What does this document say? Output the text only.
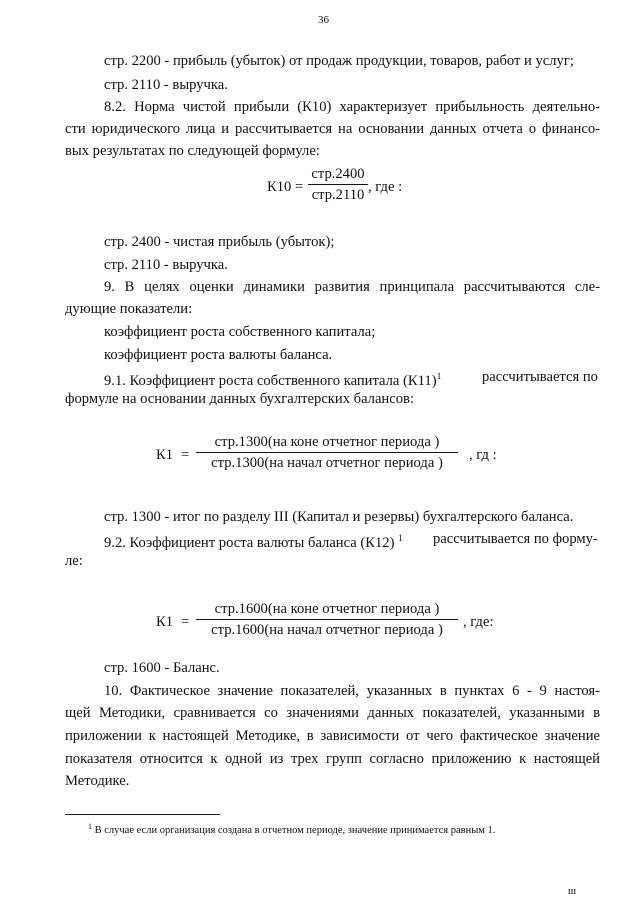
36
стр. 2200 - прибыль (убыток) от продаж продукции, товаров, работ и услуг;
стр. 2110 - выручка.
8.2. Норма чистой прибыли (К10) характеризует прибыльность деятельно-
сти юридического лица и рассчитывается на основании данных отчета о финансо-
вых результатах по следующей формуле:
К10 =
стр.2400
стр.2110 , где :
стр. 2400 - чистая прибыль (убыток);
стр. 2110 - выручка.
9. В целях оценки динамики развития принципала рассчитываются сле-
дующие показатели:
коэффициент роста собственного капитала;
коэффициент роста валюты баланса.
9.1. Коэффициент роста собственного капитала $(К11)^1$	рассчитывается по
формуле на основании данных бухгалтерских балансов:
К1 =
стр.1300(на коне отчетног периода )
стр.1300(на начал отчетног периода )	, гд :
стр. 1300 - итог по разделу III (Капитал и резервы) бухгалтерского баланса.
9.2. Коэффициент роста валюты баланса (К12) $^1$ рассчитывается по форму-
ле:
К1 =
стр.1600(на коне отчетног периода )
стр.1600(на начал отчетног периода )	, где:
стр. 1600 - Баланс.
10. Фактическое значение показателей, указанных в пунктах 6 - 9 настоя-
щей Методики, сравнивается со значениями данных показателей, указанными в
приложении к настоящей Методике, в зависимости от чего фактическое значение
показателя относится к одной из трех групп согласно приложению к настоящей
Методике.
$^1$ В случае если организация создана в отчетном периоде, значение принимается равным 1.
ш
